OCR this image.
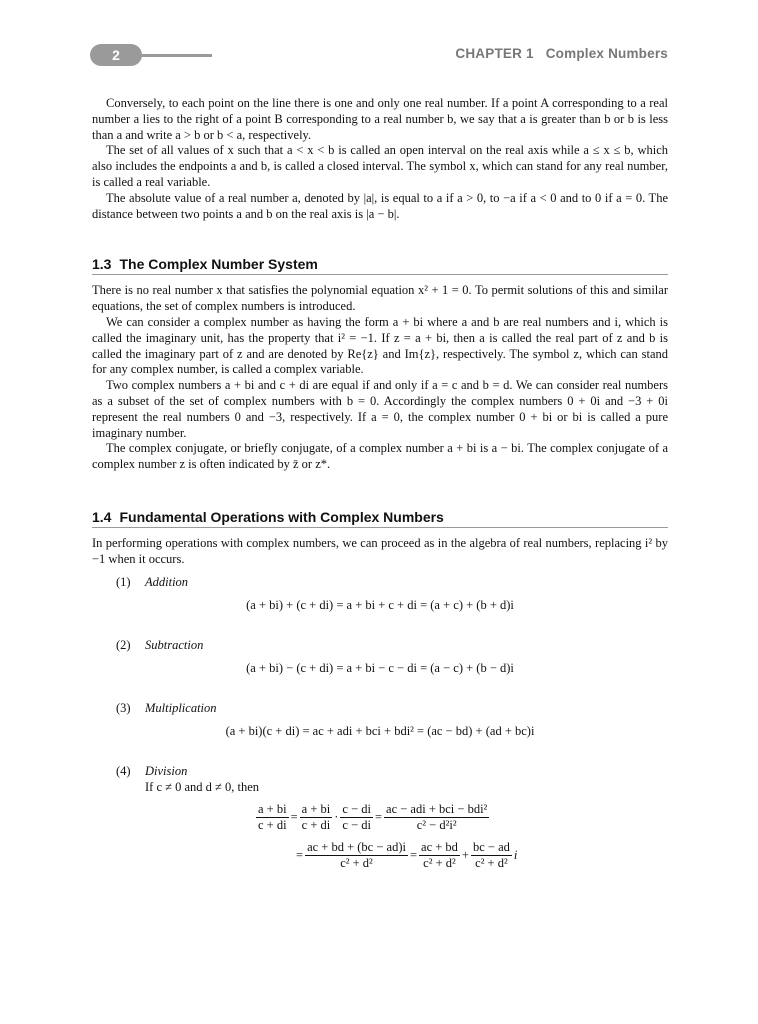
2	CHAPTER 1 Complex Numbers

Conversely, to each point on the line there is one and only one real number. If a point A corresponding to a real number a lies to the right of a point B corresponding to a real number b, we say that a is greater than b or b is less than a and write a > b or b < a, respectively.

The set of all values of x such that a < x < b is called an open interval on the real axis while a ≤ x ≤ b, which also includes the endpoints a and b, is called a closed interval. The symbol x, which can stand for any real number, is called a real variable.

The absolute value of a real number a, denoted by |a|, is equal to a if a > 0, to −a if a < 0 and to 0 if a = 0. The distance between two points a and b on the real axis is |a − b|.

1.3 The Complex Number System

There is no real number x that satisfies the polynomial equation x² + 1 = 0. To permit solutions of this and similar equations, the set of complex numbers is introduced.

We can consider a complex number as having the form a + bi where a and b are real numbers and i, which is called the imaginary unit, has the property that i² = −1. If z = a + bi, then a is called the real part of z and b is called the imaginary part of z and are denoted by Re{z} and Im{z}, respectively. The symbol z, which can stand for any complex number, is called a complex variable.

Two complex numbers a + bi and c + di are equal if and only if a = c and b = d. We can consider real numbers as a subset of the set of complex numbers with b = 0. Accordingly the complex numbers 0 + 0i and −3 + 0i represent the real numbers 0 and −3, respectively. If a = 0, the complex number 0 + bi or bi is called a pure imaginary number.

The complex conjugate, or briefly conjugate, of a complex number a + bi is a − bi. The complex conjugate of a complex number z is often indicated by z̄ or z*.

1.4 Fundamental Operations with Complex Numbers

In performing operations with complex numbers, we can proceed as in the algebra of real numbers, replacing i² by −1 when it occurs.

(1) Addition
(a + bi) + (c + di) = a + bi + c + di = (a + c) + (b + d)i
(2) Subtraction
(a + bi) − (c + di) = a + bi − c − di = (a − c) + (b − d)i
(3) Multiplication
(a + bi)(c + di) = ac + adi + bci + bdi² = (ac − bd) + (ad + bc)i
(4) Division
If c ≠ 0 and d ≠ 0, then
$\frac{a + bi}{c + di} = \frac{a + bi}{c + di} \cdot \frac{c - di}{c - di} = \frac{\text{ac − adi + bci − bdi²}}{\text{c² − d²i²}}$
= $\frac{ac + bd + (bc - ad)i}{\text{c² + d²}} = \frac{ac + bd}{\text{c² + d²}} + \frac{bc - ad}{\text{c² + d²}}$ i
